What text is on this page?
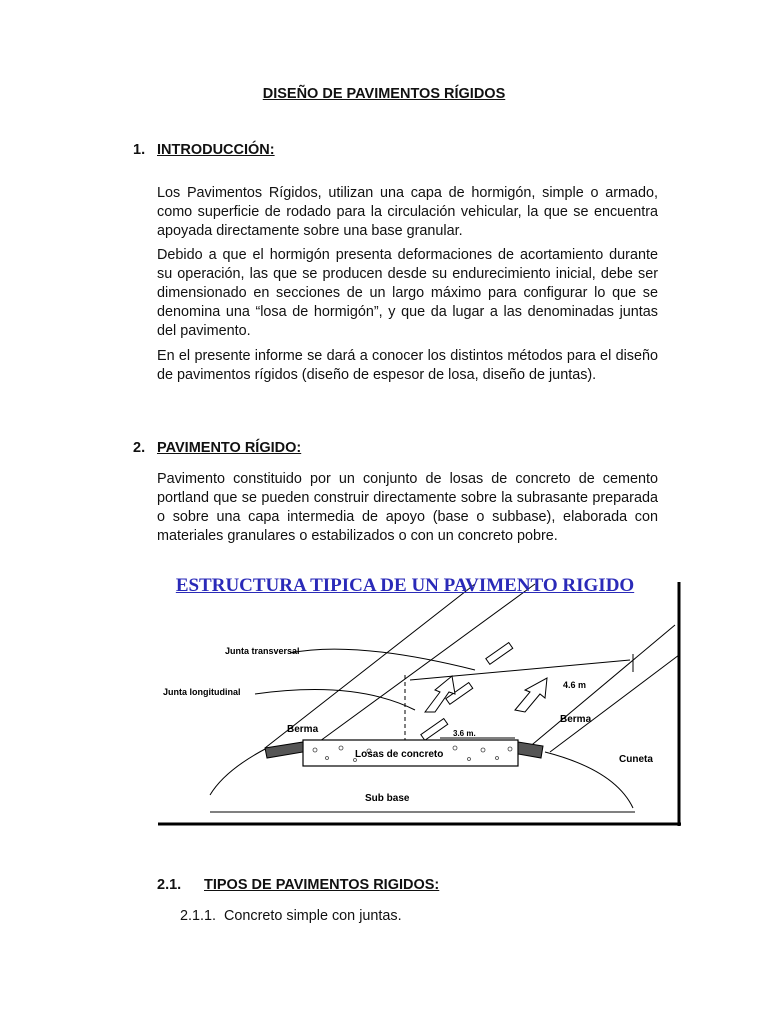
DISEÑO DE PAVIMENTOS RÍGIDOS
1. INTRODUCCIÓN:
Los Pavimentos Rígidos, utilizan una capa de hormigón, simple o armado, como superficie de rodado para la circulación vehicular, la que se encuentra apoyada directamente sobre una base granular.
Debido a que el hormigón presenta deformaciones de acortamiento durante su operación, las que se producen desde su endurecimiento inicial, debe ser dimensionado en secciones de un largo máximo para configurar lo que se denomina una “losa de hormigón”, y que da lugar a las denominadas juntas del pavimento.
En el presente informe se dará a conocer los distintos métodos para el diseño de pavimentos rígidos (diseño de espesor de losa, diseño de juntas).
2. PAVIMENTO RÍGIDO:
Pavimento constituido por un conjunto de losas de concreto de cemento portland que se pueden construir directamente sobre la subrasante preparada o sobre una capa intermedia de apoyo (base o subbase), elaborada con materiales granulares o estabilizados o con un concreto pobre.
ESTRUCTURA TIPICA DE UN PAVIMENTO RIGIDO
Junta transversal
Junta longitudinal
Berma
Berma
4.6 m
3.6 m.
Losas de concreto	Cuneta
Sub base
2.1. TIPOS DE PAVIMENTOS RIGIDOS:
2.1.1. Concreto simple con juntas.
